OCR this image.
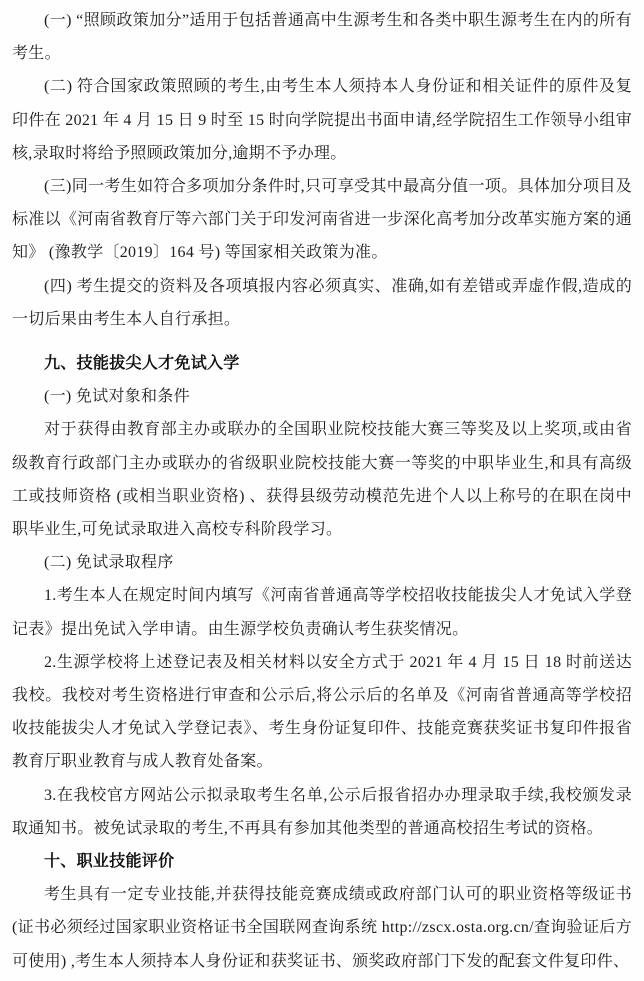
(一) “照顾政策加分”适用于包括普通高中生源考生和各类中职生源考生在内的所有考生。

(二) 符合国家政策照顾的考生,由考生本人须持本人身份证和相关证件的原件及复印件在 2021 年 4 月 15 日 9 时至 15 时向学院提出书面申请,经学院招生工作领导小组审核,录取时将给予照顾政策加分,逾期不予办理。

(三)同一考生如符合多项加分条件时,只可享受其中最高分值一项。具体加分项目及标准以《河南省教育厅等六部门关于印发河南省进一步深化高考加分改革实施方案的通知》 (豫教学〔2019〕164 号) 等国家相关政策为准。

(四) 考生提交的资料及各项填报内容必须真实、准确,如有差错或弄虚作假,造成的一切后果由考生本人自行承担。

九、技能拔尖人才免试入学

(一) 免试对象和条件

对于获得由教育部主办或联办的全国职业院校技能大赛三等奖及以上奖项,或由省级教育行政部门主办或联办的省级职业院校技能大赛一等奖的中职毕业生,和具有高级工或技师资格 (或相当职业资格) 、获得县级劳动模范先进个人以上称号的在职在岗中职毕业生,可免试录取进入高校专科阶段学习。

(二) 免试录取程序

1.考生本人在规定时间内填写《河南省普通高等学校招收技能拔尖人才免试入学登记表》提出免试入学申请。由生源学校负责确认考生获奖情况。

2.生源学校将上述登记表及相关材料以安全方式于 2021 年 4 月 15 日 18 时前送达我校。我校对考生资格进行审查和公示后,将公示后的名单及《河南省普通高等学校招收技能拔尖人才免试入学登记表》、考生身份证复印件、技能竞赛获奖证书复印件报省教育厅职业教育与成人教育处备案。

3.在我校官方网站公示拟录取考生名单,公示后报省招办办理录取手续,我校颁发录取通知书。被免试录取的考生,不再具有参加其他类型的普通高校招生考试的资格。

十、职业技能评价

考生具有一定专业技能,并获得技能竞赛成绩或政府部门认可的职业资格等级证书 (证书必须经过国家职业资格证书全国联网查询系统 http://zscx.osta.org.cn/查询验证后方可使用) ,考生本人须持本人身份证和获奖证书、颁奖政府部门下发的配套文件复印件、
